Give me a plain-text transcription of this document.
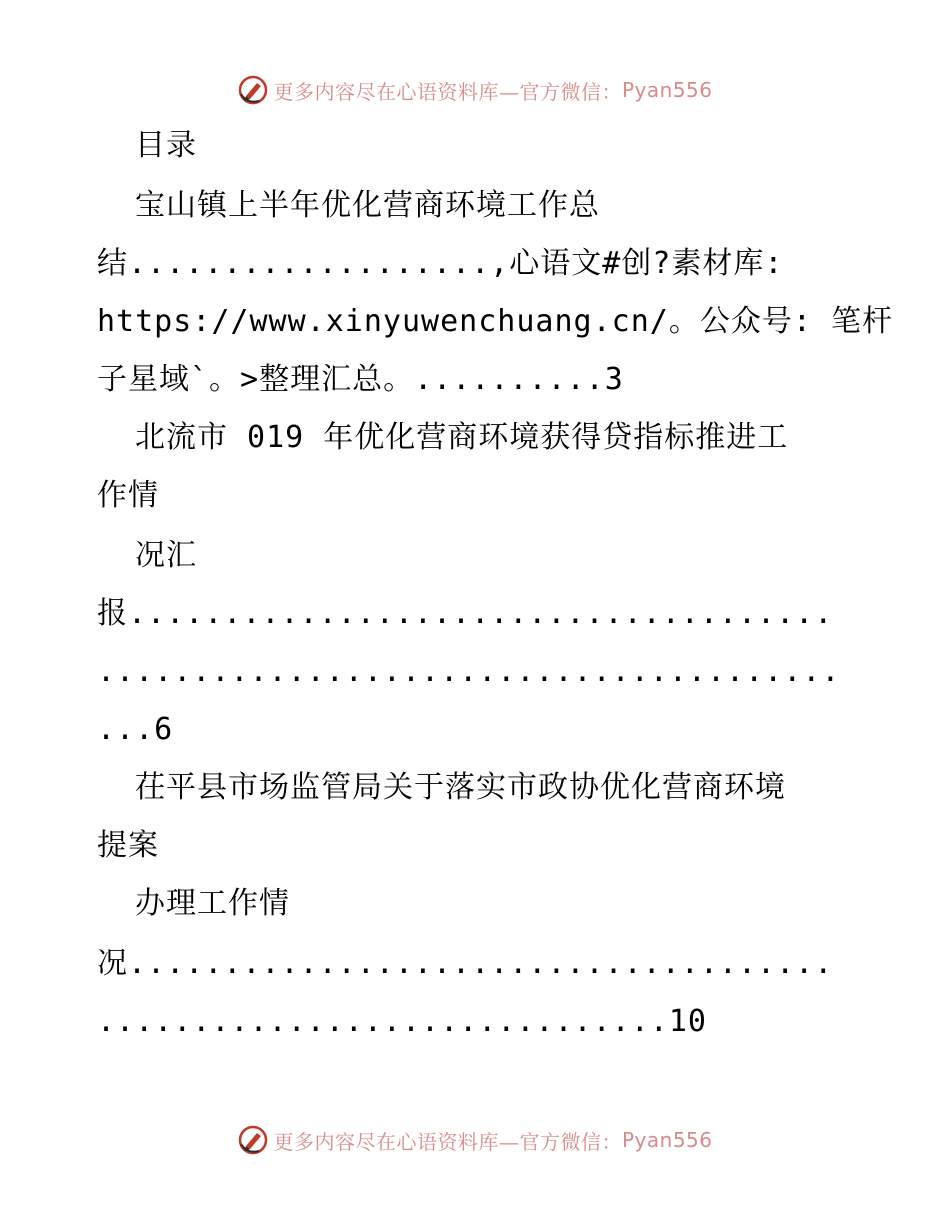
更多内容尽在心语资料库—官方微信： Pyan556
目录
宝山镇上半年优化营商环境工作总
结...................,心语文#创?素材库:
https://www.xinyuwenchuang.cn/。公众号: 笔杆
子星域`。>整理汇总。..........3
北流市 019 年优化营商环境获得贷指标推进工
作情
况汇
报.....................................
.......................................
...6
茌平县市场监管局关于落实市政协优化营商环境
提案
办理工作情
况.....................................
..............................10
更多内容尽在心语资料库—官方微信： Pyan556
